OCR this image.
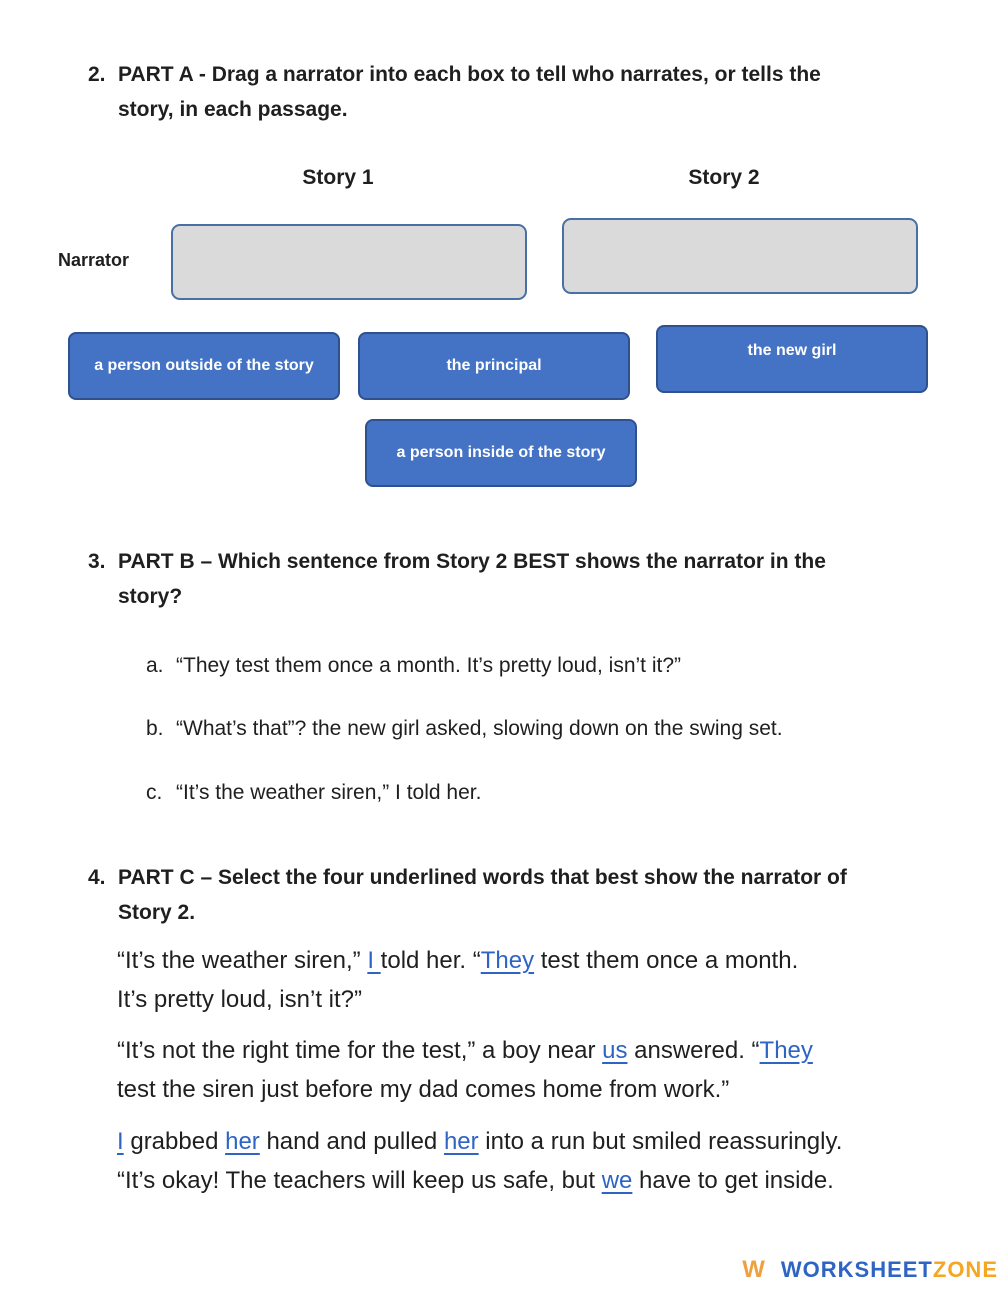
2. PART A - Drag a narrator into each box to tell who narrates, or tells the
story, in each passage.
Story 1	Story 2
Narrator
a person outside of the story	the principal
the new girl
a person inside of the story
3. PART B – Which sentence from Story 2 BEST shows the narrator in the
story?
a. “They test them once a month. It’s pretty loud, isn’t it?”
b. “What’s that”? the new girl asked, slowing down on the swing set.
c. “It’s the weather siren,” I told her.
4. PART C – Select the four underlined words that best show the narrator of
Story 2.
“It’s the weather siren,” I told her. “They test them once a month.
It’s pretty loud, isn’t it?”
“It’s not the right time for the test,” a boy near us answered. “They
test the siren just before my dad comes home from work.”
I grabbed her hand and pulled her into a run but smiled reassuringly.
“It’s okay! The teachers will keep us safe, but we have to get inside.
W WORKSHEETZONE
